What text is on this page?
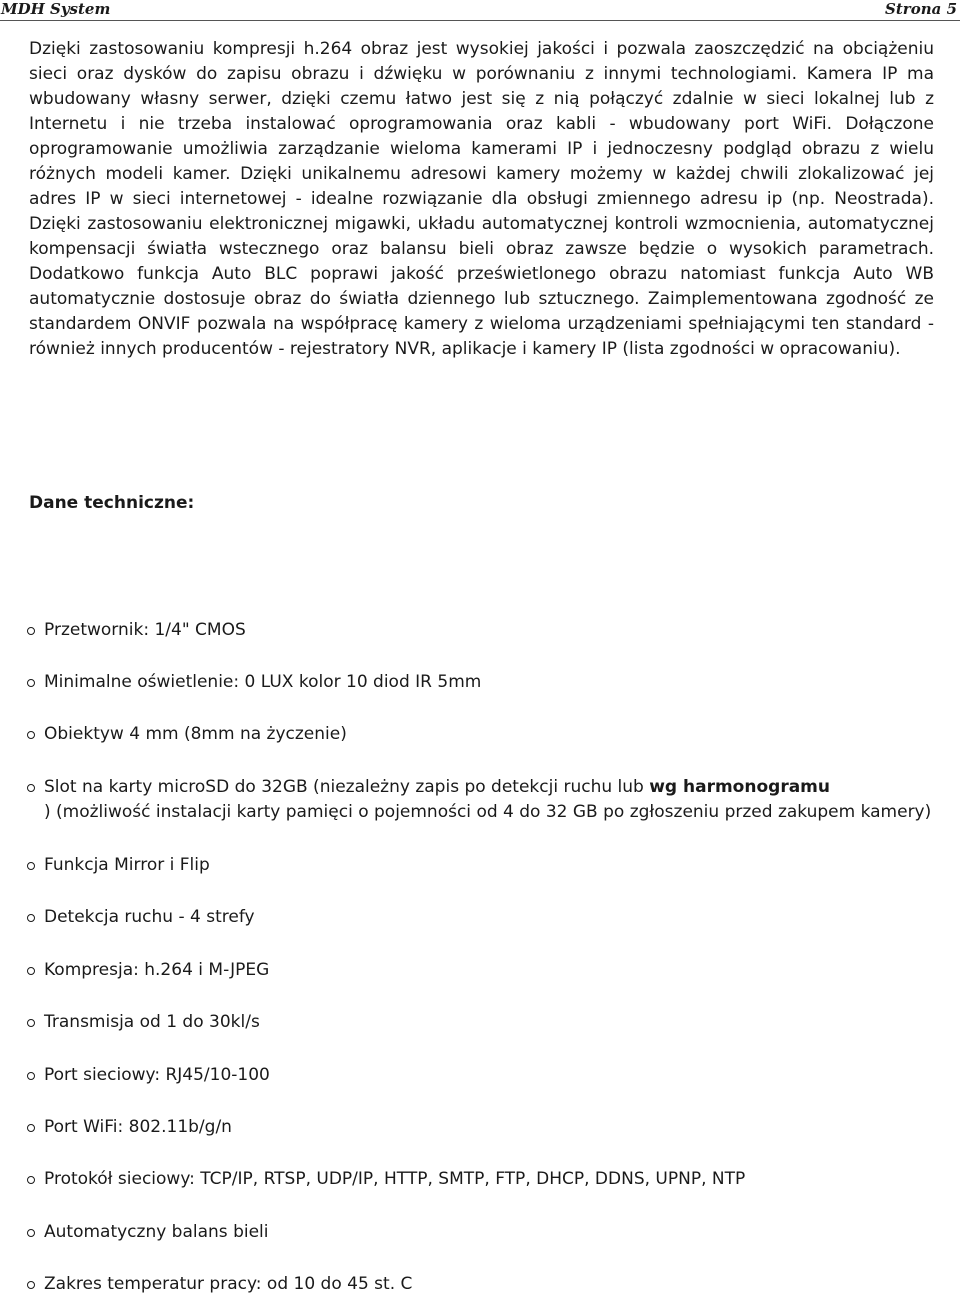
MDH System	Strona 5

Dzięki zastosowaniu kompresji h.264 obraz jest wysokiej jakości i pozwala zaoszczędzić na obciążeniu sieci oraz dysków do zapisu obrazu i dźwięku w porównaniu z innymi technologiami. Kamera IP ma wbudowany własny serwer, dzięki czemu łatwo jest się z nią połączyć zdalnie w sieci lokalnej lub z Internetu i nie trzeba instalować oprogramowania oraz kabli - wbudowany port WiFi. Dołączone oprogramowanie umożliwia zarządzanie wieloma kamerami IP i jednoczesny podgląd obrazu z wielu różnych modeli kamer. Dzięki unikalnemu adresowi kamery możemy w każdej chwili zlokalizować jej adres IP w sieci internetowej - idealne rozwiązanie dla obsługi zmiennego adresu ip (np. Neostrada). Dzięki zastosowaniu elektronicznej migawki, układu automatycznej kontroli wzmocnienia, automatycznej kompensacji światła wstecznego oraz balansu bieli obraz zawsze będzie o wysokich parametrach. Dodatkowo funkcja Auto BLC poprawi jakość prześwietlonego obrazu natomiast funkcja Auto WB automatycznie dostosuje obraz do światła dziennego lub sztucznego. Zaimplementowana zgodność ze standardem ONVIF pozwala na współpracę kamery z wieloma urządzeniami spełniającymi ten standard - również innych producentów - rejestratory NVR, aplikacje i kamery IP (lista zgodności w opracowaniu).

Dane techniczne:
Przetwornik: 1/4" CMOS
Minimalne oświetlenie: 0 LUX kolor 10 diod IR 5mm
Obiektyw 4 mm (8mm na życzenie)
Slot na karty microSD do 32GB (niezależny zapis po detekcji ruchu lub wg harmonogramu
) (możliwość instalacji karty pamięci o pojemności od 4 do 32 GB po zgłoszeniu przed zakupem kamery)
Funkcja Mirror i Flip
Detekcja ruchu - 4 strefy
Kompresja: h.264 i M-JPEG
Transmisja od 1 do 30kl/s
Port sieciowy: RJ45/10-100
Port WiFi: 802.11b/g/n
Protokół sieciowy: TCP/IP, RTSP, UDP/IP, HTTP, SMTP, FTP, DHCP, DDNS, UPNP, NTP
Automatyczny balans bieli
Zakres temperatur pracy: od 10 do 45 st. C
